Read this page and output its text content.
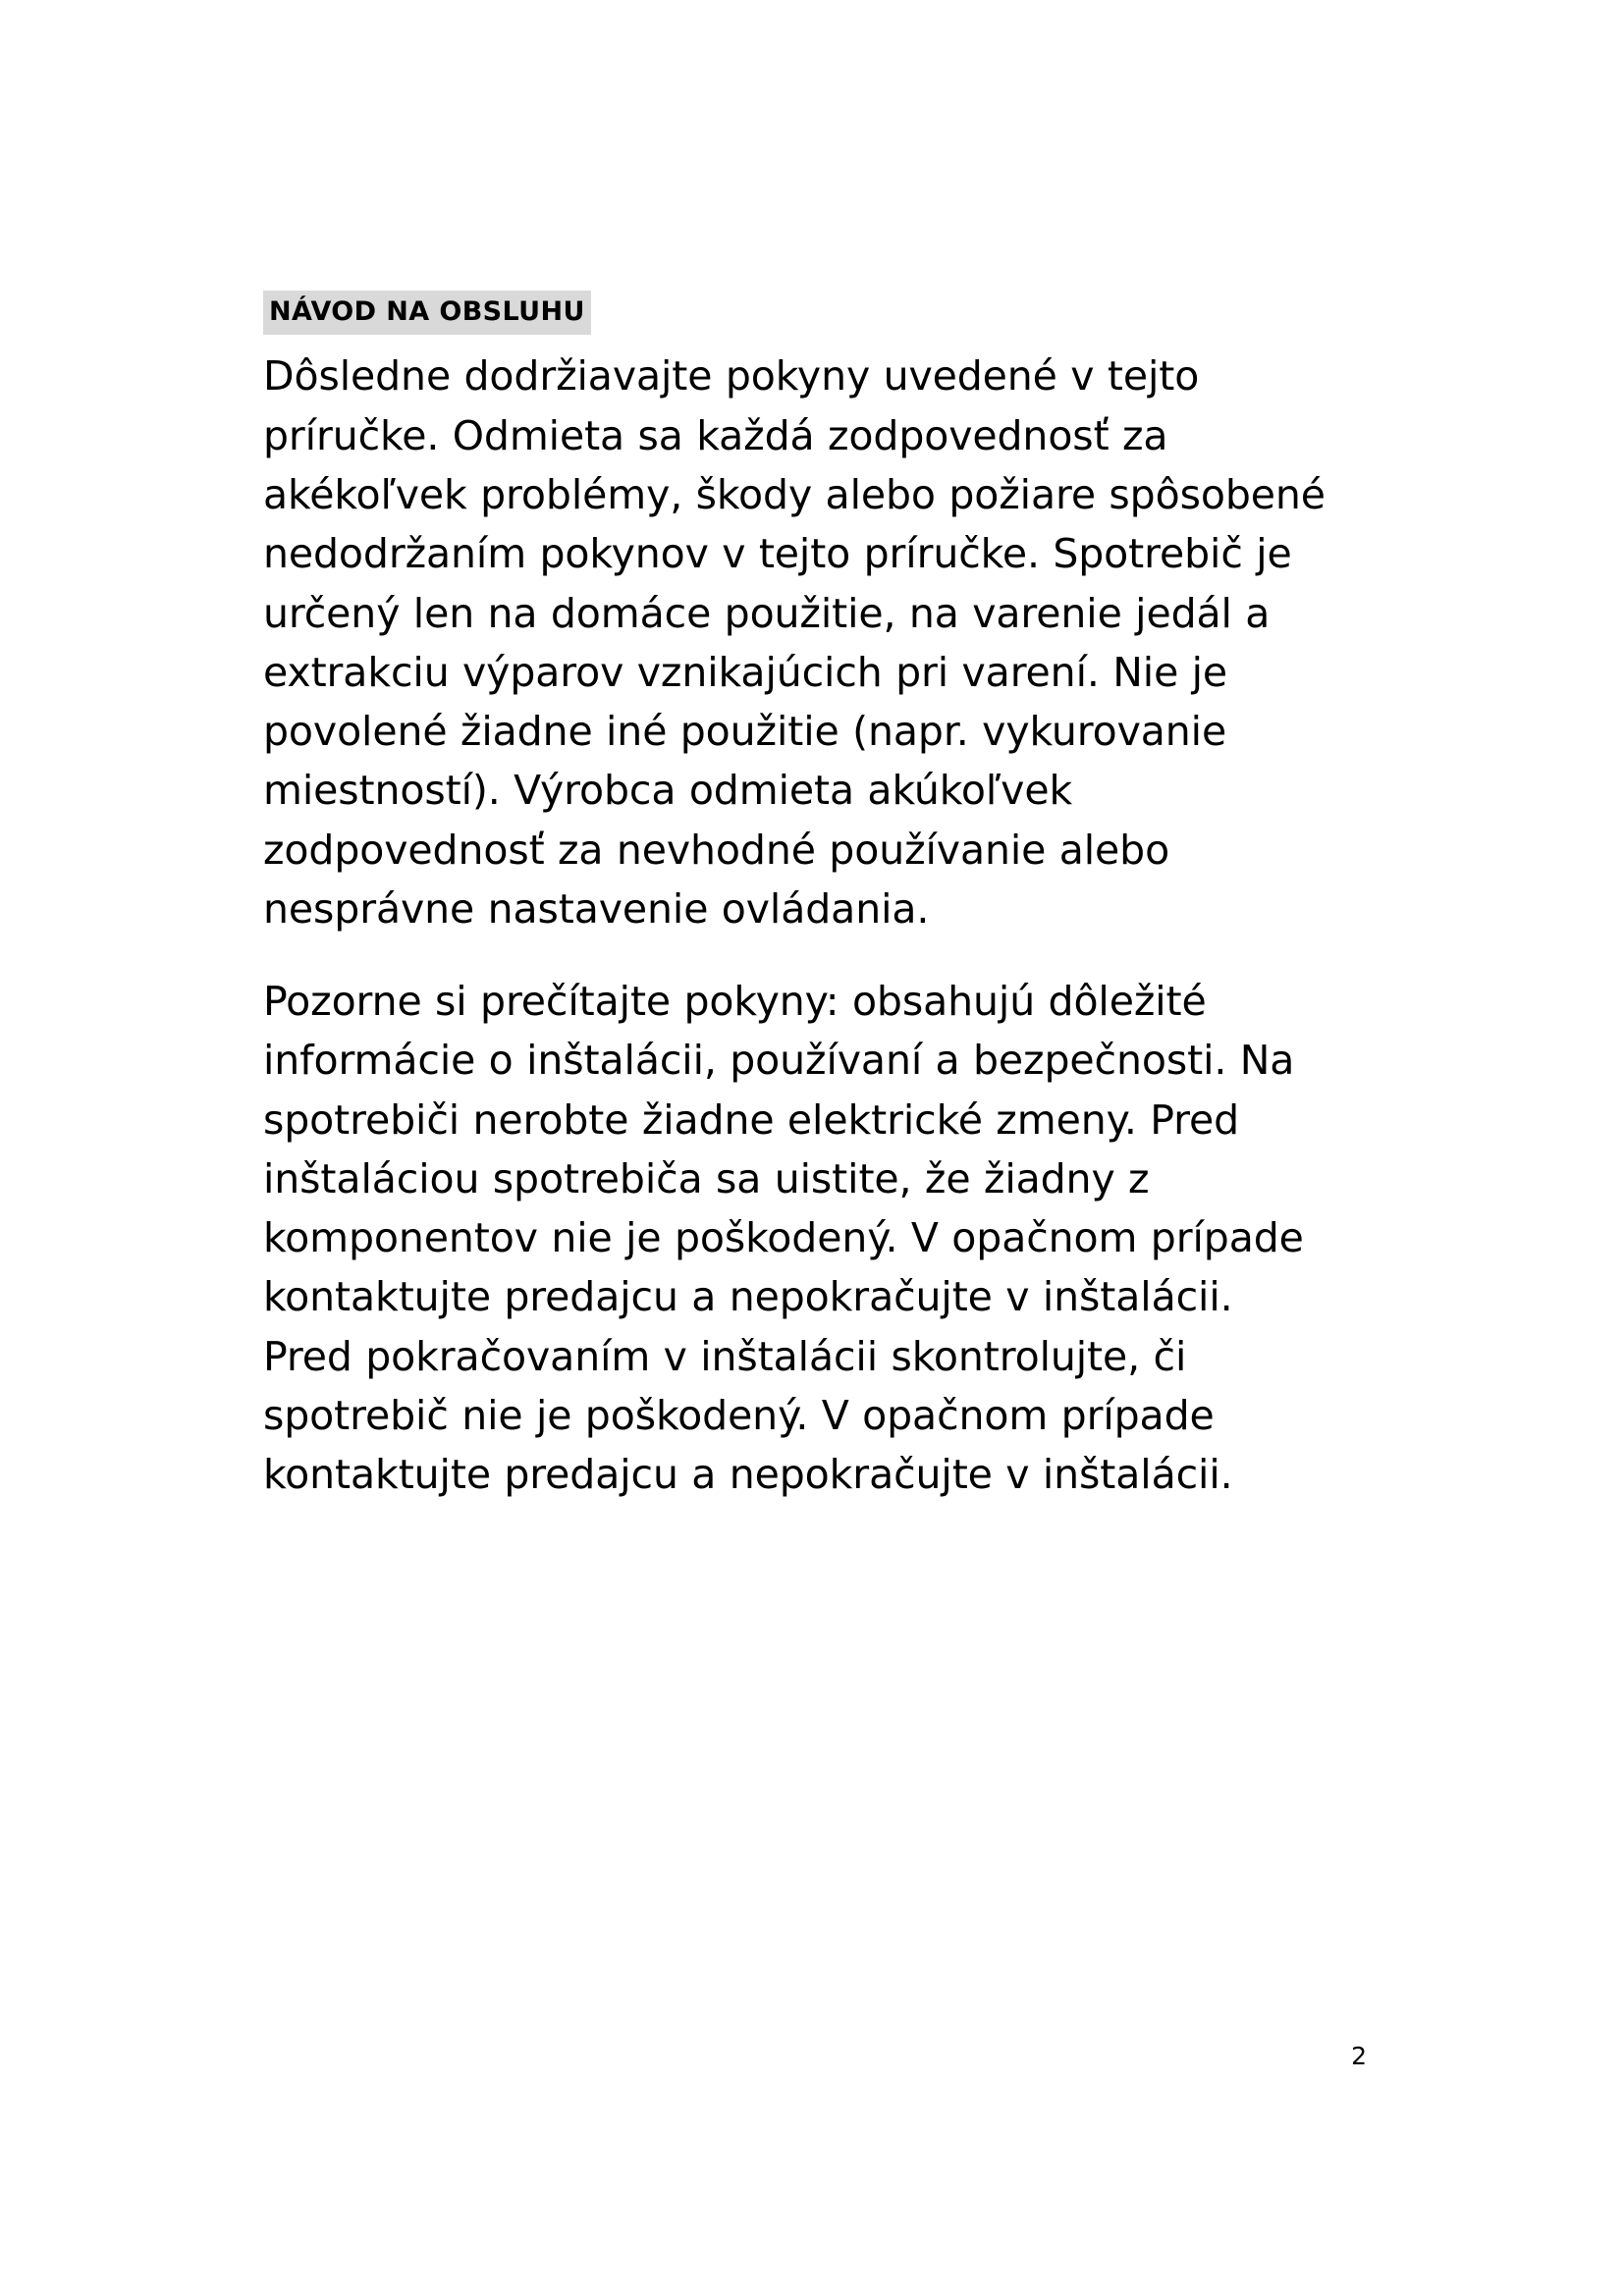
NÁVOD NA OBSLUHU

Dôsledne dodržiavajte pokyny uvedené v tejto príručke. Odmieta sa každá zodpovednosť za akékoľvek problémy, škody alebo požiare spôsobené nedodržaním pokynov v tejto príručke. Spotrebič je určený len na domáce použitie, na varenie jedál a extrakciu výparov vznikajúcich pri varení. Nie je povolené žiadne iné použitie (napr. vykurovanie miestností). Výrobca odmieta akúkoľvek zodpovednosť za nevhodné používanie alebo nesprávne nastavenie ovládania.

Pozorne si prečítajte pokyny: obsahujú dôležité informácie o inštalácii, používaní a bezpečnosti. Na spotrebiči nerobte žiadne elektrické zmeny. Pred inštaláciou spotrebiča sa uistite, že žiadny z komponentov nie je poškodený. V opačnom prípade kontaktujte predajcu a nepokračujte v inštalácii.

Pred pokračovaním v inštalácii skontrolujte, či spotrebič nie je poškodený. V opačnom prípade kontaktujte predajcu a nepokračujte v inštalácii.

2
